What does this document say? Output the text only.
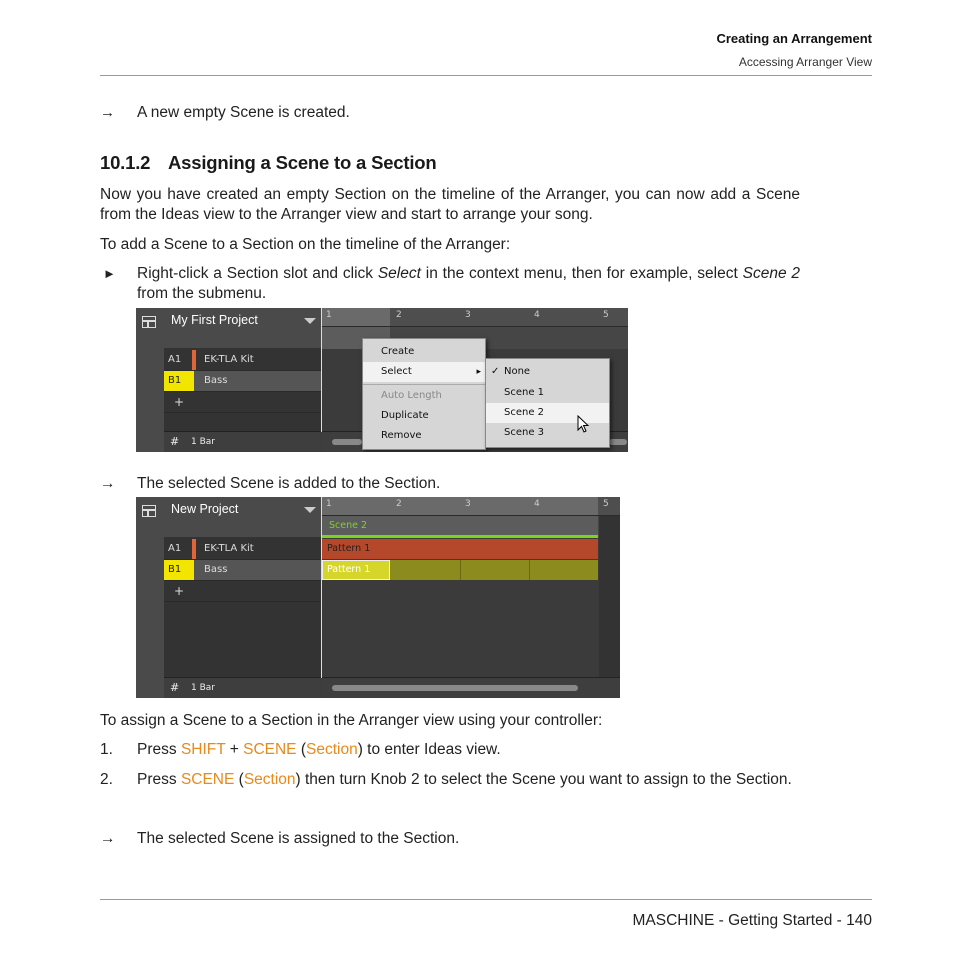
Creating an Arrangement
Accessing Arranger View
→ A new empty Scene is created.
10.1.2 Assigning a Scene to a Section
Now you have created an empty Section on the timeline of the Arranger, you can now add a Scene from the Ideas view to the Arranger view and start to arrange your song.
To add a Scene to a Section on the timeline of the Arranger:
► Right-click a Section slot and click Select in the context menu, then for example, select Scene 2 from the submenu.
My First Project
A1	EK-TLA Kit
B1	Bass
+
1	2	3	4	5
# 1 Bar
Create
Select	▸
Auto Length
Duplicate
Remove
✓ None
Scene 1
Scene 2
Scene 3
→ The selected Scene is added to the Section.
New Project
A1	EK-TLA Kit
B1	Bass
+
1	2	3	4	5
Scene 2
Pattern 1
Pattern 1
# 1 Bar
To assign a Scene to a Section in the Arranger view using your controller:
1. Press SHIFT + SCENE (Section) to enter Ideas view.
2. Press SCENE (Section) then turn Knob 2 to select the Scene you want to assign to the Section.
→ The selected Scene is assigned to the Section.
MASCHINE - Getting Started - 140
